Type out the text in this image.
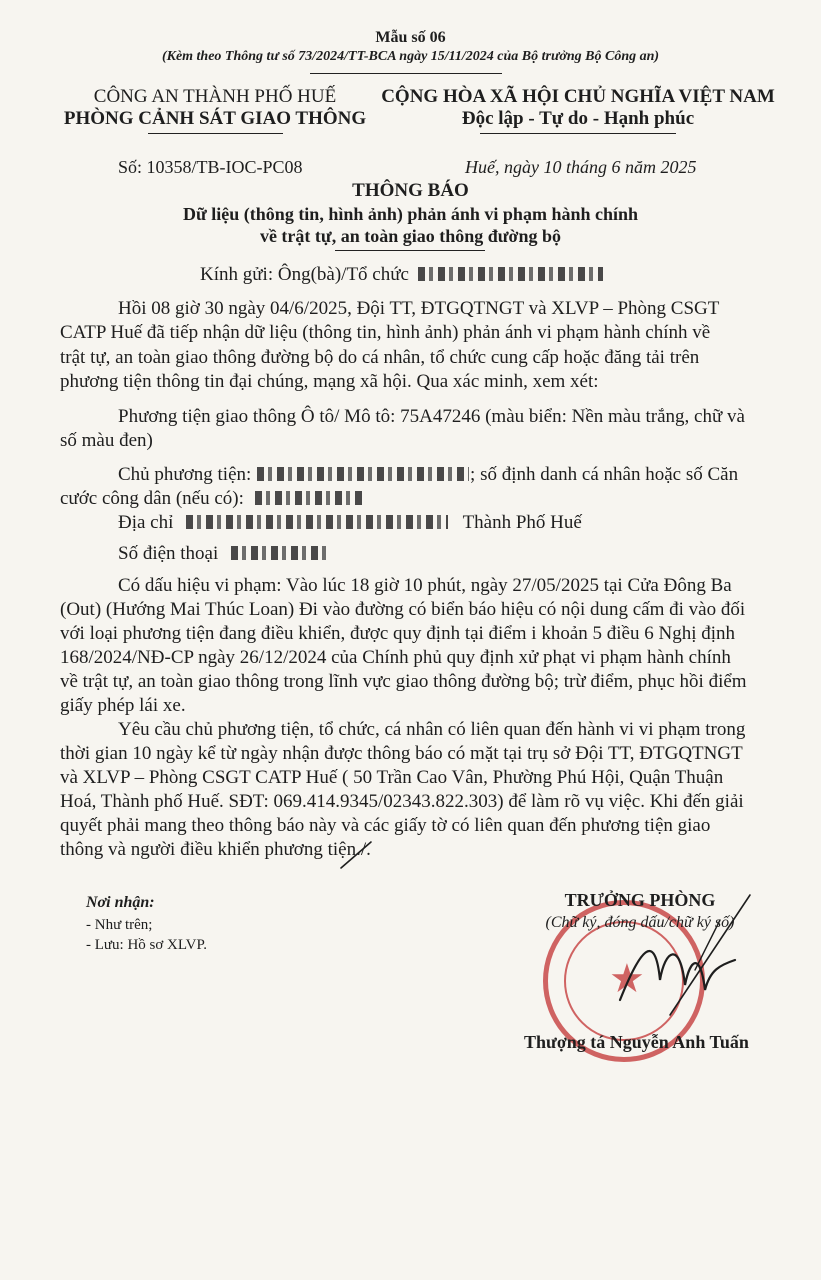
Mẫu số 06
(Kèm theo Thông tư số 73/2024/TT-BCA ngày 15/11/2024 của Bộ trưởng Bộ Công an)
CÔNG AN THÀNH PHỐ HUẾ
PHÒNG CẢNH SÁT GIAO THÔNG
CỘNG HÒA XÃ HỘI CHỦ NGHĨA VIỆT NAM
Độc lập - Tự do - Hạnh phúc
Số: 10358/TB-IOC-PC08	Huế, ngày 10 tháng 6 năm 2025
THÔNG BÁO
Dữ liệu (thông tin, hình ảnh) phản ánh vi phạm hành chính
về trật tự, an toàn giao thông đường bộ
Kính gửi: Ông(bà)/Tổ chức
Hồi 08 giờ 30 ngày 04/6/2025, Đội TT, ĐTGQTNGT và XLVP – Phòng CSGT
CATP Huế đã tiếp nhận dữ liệu (thông tin, hình ảnh) phản ánh vi phạm hành chính về
trật tự, an toàn giao thông đường bộ do cá nhân, tổ chức cung cấp hoặc đăng tải trên
phương tiện thông tin đại chúng, mạng xã hội. Qua xác minh, xem xét:
Phương tiện giao thông Ô tô/ Mô tô: 75A47246 (màu biển: Nền màu trắng, chữ và
số màu đen)
Chủ phương tiện:	; số định danh cá nhân hoặc số Căn
cước công dân (nếu có):
Địa chỉ	Thành Phố Huế
Số điện thoại
Có dấu hiệu vi phạm: Vào lúc 18 giờ 10 phút, ngày 27/05/2025 tại Cửa Đông Ba
(Out) (Hướng Mai Thúc Loan) Đi vào đường có biển báo hiệu có nội dung cấm đi vào đối
với loại phương tiện đang điều khiển, được quy định tại điểm i khoản 5 điều 6 Nghị định
168/2024/NĐ-CP ngày 26/12/2024 của Chính phủ quy định xử phạt vi phạm hành chính
về trật tự, an toàn giao thông trong lĩnh vực giao thông đường bộ; trừ điểm, phục hồi điểm
giấy phép lái xe.
Yêu cầu chủ phương tiện, tổ chức, cá nhân có liên quan đến hành vi vi phạm trong
thời gian 10 ngày kể từ ngày nhận được thông báo có mặt tại trụ sở Đội TT, ĐTGQTNGT
và XLVP – Phòng CSGT CATP Huế ( 50 Trần Cao Vân, Phường Phú Hội, Quận Thuận
Hoá, Thành phố Huế. SĐT: 069.414.9345/02343.822.303) để làm rõ vụ việc. Khi đến giải
quyết phải mang theo thông báo này và các giấy tờ có liên quan đến phương tiện giao
thông và người điều khiển phương tiện./.
Nơi nhận:
- Như trên;
- Lưu: Hồ sơ XLVP.
★
TRƯỞNG PHÒNG
(Chữ ký, đóng dấu/chữ ký số)
Thượng tá Nguyễn Anh Tuấn
